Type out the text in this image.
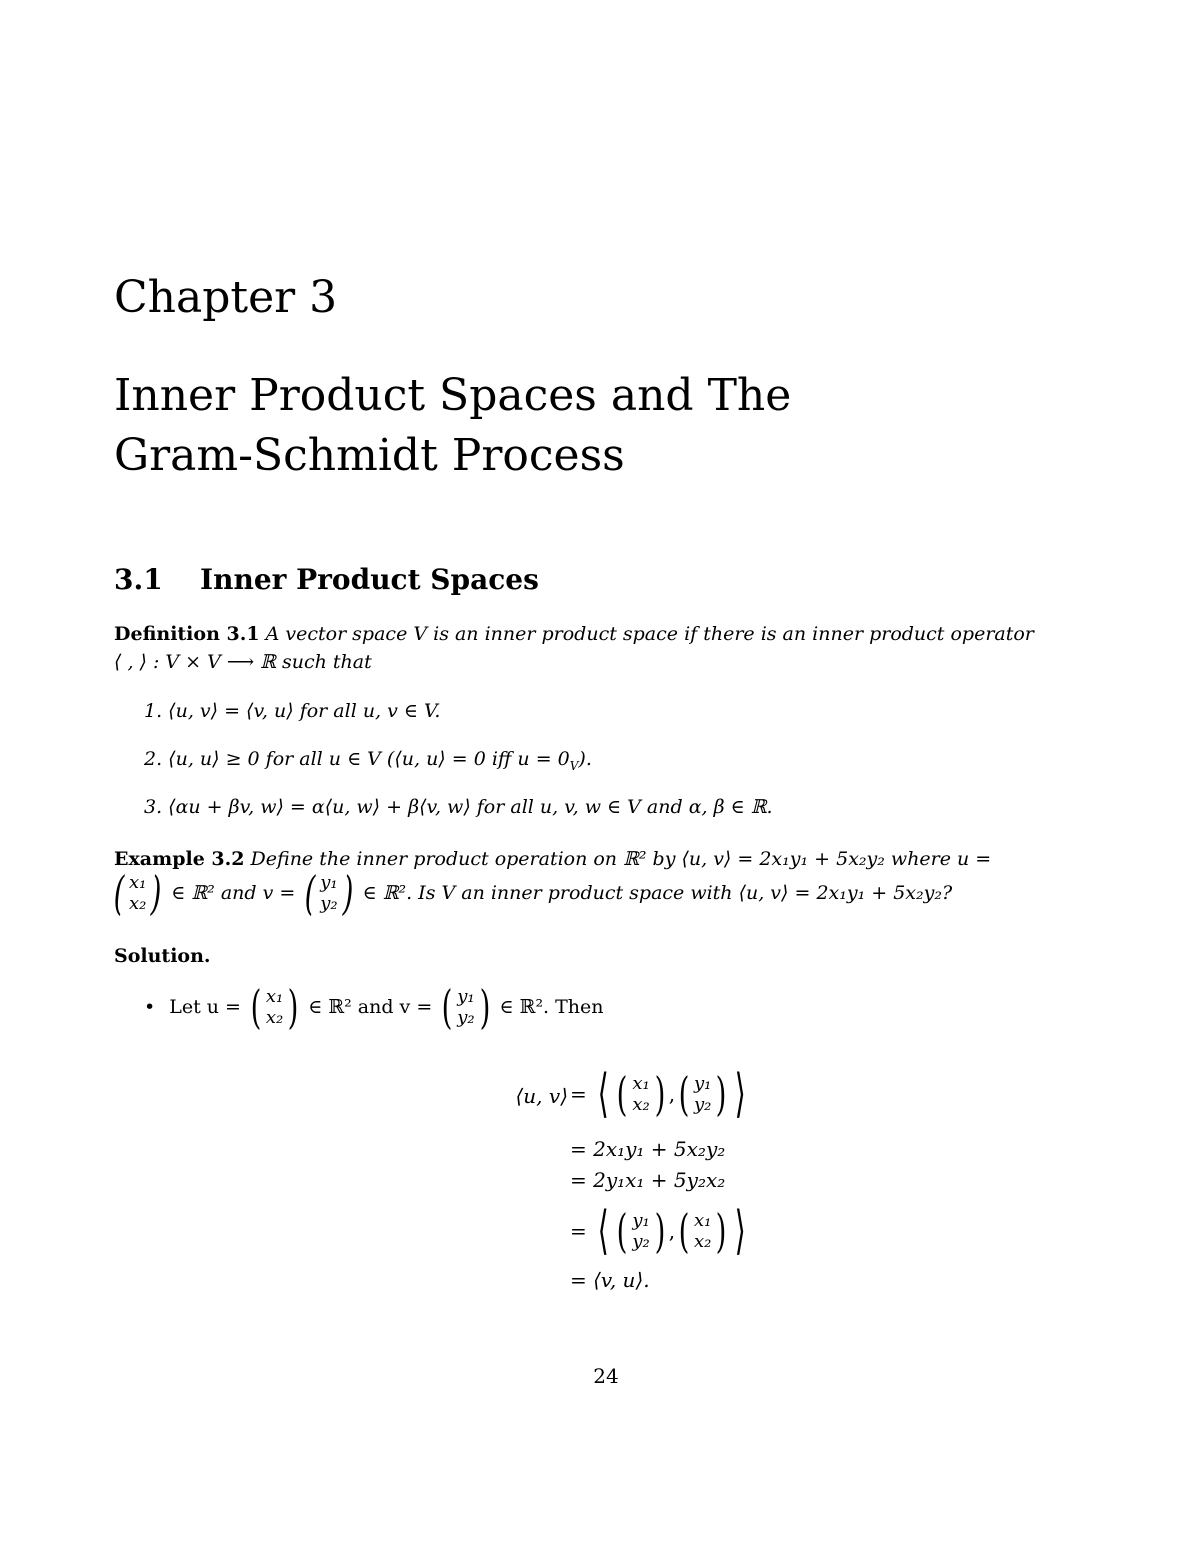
Chapter 3
Inner Product Spaces and The
Gram-Schmidt Process
3.1 Inner Product Spaces
Definition 3.1 A vector space V is an inner product space if there is an inner product operator
⟨ , ⟩ : V × V ⟶ ℝ such that
1. ⟨u, v⟩ = ⟨v, u⟩ for all u, v ∈ V.
2. ⟨u, u⟩ ≥ 0 for all u ∈ V (⟨u, u⟩ = 0 iff $u = 0_V$).
3. ⟨αu + βv, w⟩ = α⟨u, w⟩ + β⟨v, w⟩ for all u, v, w ∈ V and α, β ∈ ℝ.
Example 3.2 Define the inner product operation on ℝ² by ⟨u, v⟩ = 2x₁y₁ + 5x₂y₂ where u =
( x₁
x₂ ) ∈ ℝ² and v = ( y₁
y₂ ) ∈ ℝ². Is V an inner product space with ⟨u, v⟩ = 2x₁y₁ + 5x₂y₂?
Solution.
• Let u = ( x₁
x₂ ) ∈ ℝ² and v = ( y₁
y₂ ) ∈ ℝ². Then
⟨u, v⟩ = ⟨ ( x₁
x₂ ) , ( y₁
y₂ ) ⟩
= 2x₁y₁ + 5x₂y₂
= 2y₁x₁ + 5y₂x₂
= ⟨ ( y₁
y₂ ) , ( x₁
x₂ ) ⟩
= ⟨v, u⟩.
24
